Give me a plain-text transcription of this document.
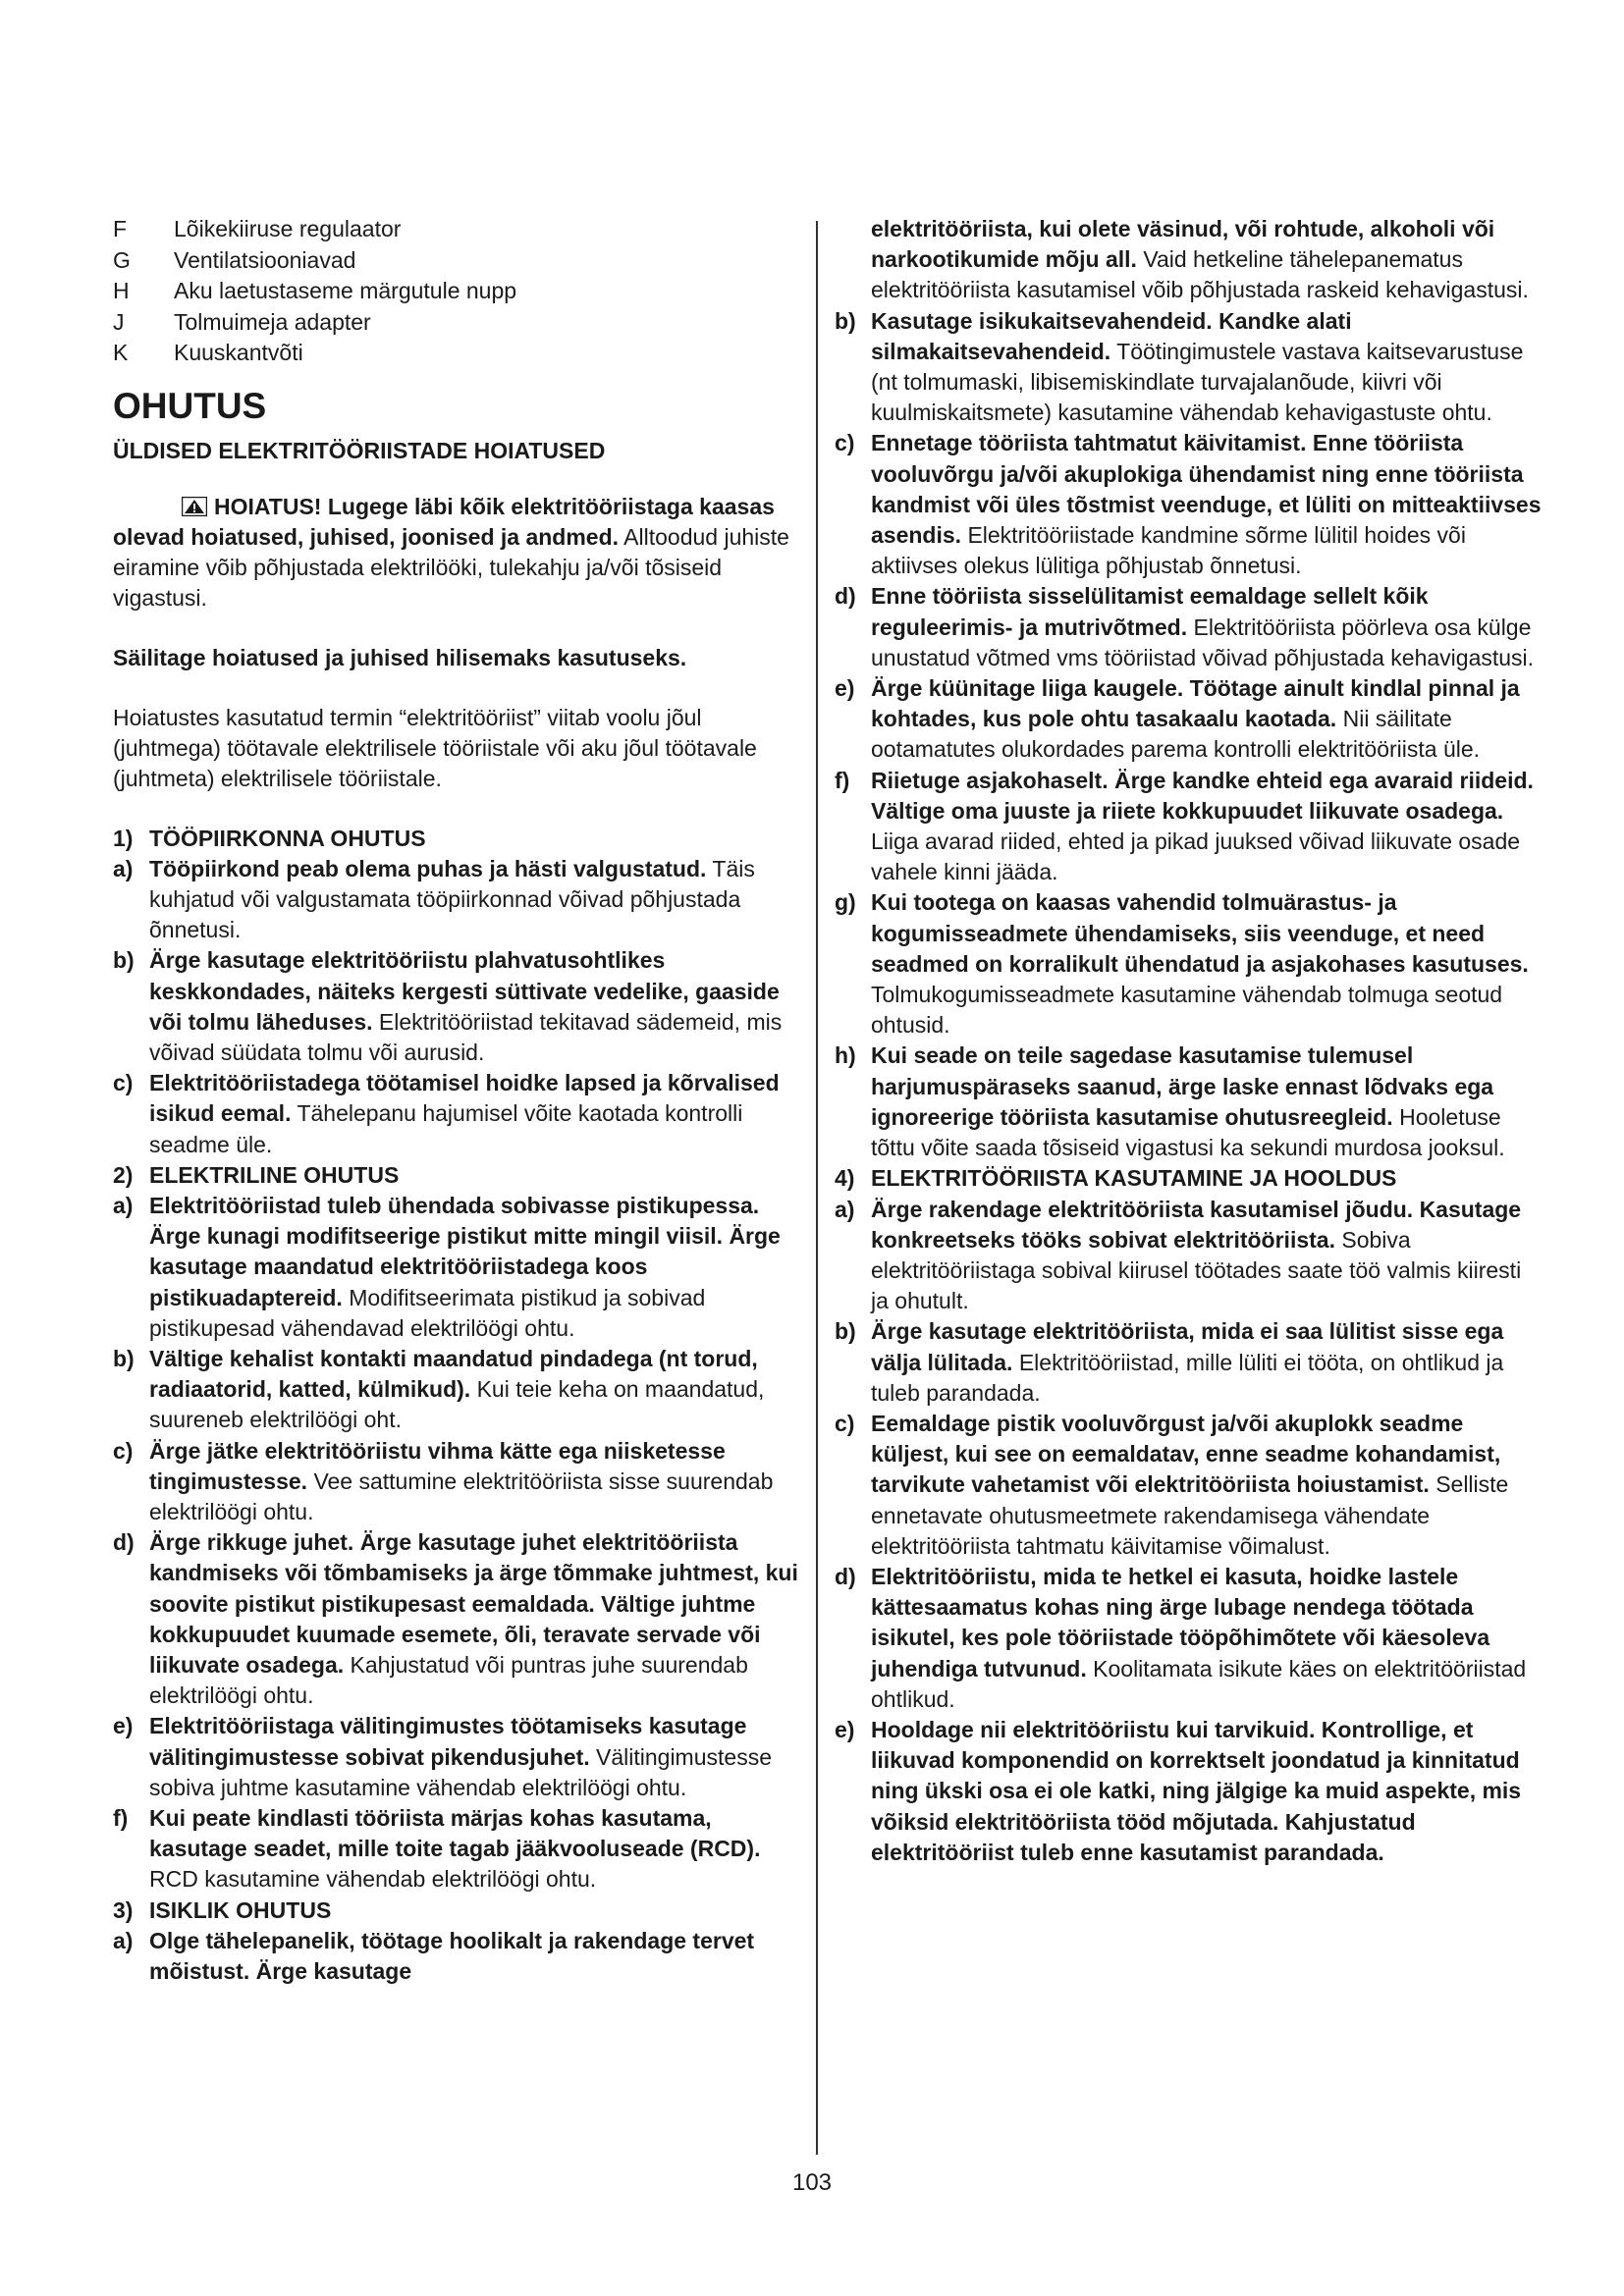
F	Lõikekiiruse regulaator
G	Ventilatsiooniavad
H	Aku laetustaseme märgutule nupp
J	Tolmuimeja adapter
K	Kuuskantvõti
OHUTUS
ÜLDISED ELEKTRITÖÖRIISTADE HOIATUSED
HOIATUS! Lugege läbi kõik elektritööriistaga kaasas olevad hoiatused, juhised, joonised ja andmed. Alltoodud juhiste eiramine võib põhjustada elektrilööki, tulekahju ja/või tõsiseid vigastusi.
Säilitage hoiatused ja juhised hilisemaks kasutuseks.
Hoiatustes kasutatud termin “elektritööriist” viitab voolu jõul (juhtmega) töötavale elektrilisele tööriistale või aku jõul töötavale (juhtmeta) elektrilisele tööriistale.
1) TÖÖPIIRKONNA OHUTUS
a) Tööpiirkond peab olema puhas ja hästi valgustatud. Täis kuhjatud või valgustamata tööpiirkonnad võivad põhjustada õnnetusi.
b) Ärge kasutage elektritööriistu plahvatusohtlikes keskkondades, näiteks kergesti süttivate vedelike, gaaside või tolmu läheduses. Elektritööriistad tekitavad sädemeid, mis võivad süüdata tolmu või aurusid.
c) Elektritööriistadega töötamisel hoidke lapsed ja kõrvalised isikud eemal. Tähelepanu hajumisel võite kaotada kontrolli seadme üle.
2) ELEKTRILINE OHUTUS
a) Elektritööriistad tuleb ühendada sobivasse pistikupessa. Ärge kunagi modifitseerige pistikut mitte mingil viisil. Ärge kasutage maandatud elektritööriistadega koos pistikuadaptereid. Modifitseerimata pistikud ja sobivad pistikupesad vähendavad elektrilöögi ohtu.
b) Vältige kehalist kontakti maandatud pindadega (nt torud, radiaatorid, katted, külmikud). Kui teie keha on maandatud, suureneb elektrilöögi oht.
c) Ärge jätke elektritööriistu vihma kätte ega niisketesse tingimustesse. Vee sattumine elektritööriista sisse suurendab elektrilöögi ohtu.
d) Ärge rikkuge juhet. Ärge kasutage juhet elektritööriista kandmiseks või tõmbamiseks ja ärge tõmmake juhtmest, kui soovite pistikut pistikupesast eemaldada. Vältige juhtme kokkupuudet kuumade esemete, õli, teravate servade või liikuvate osadega. Kahjustatud või puntras juhe suurendab elektrilöögi ohtu.
e) Elektritööriistaga välitingimustes töötamiseks kasutage välitingimustesse sobivat pikendusjuhet. Välitingimustesse sobiva juhtme kasutamine vähendab elektrilöögi ohtu.
f) Kui peate kindlasti tööriista märjas kohas kasutama, kasutage seadet, mille toite tagab jääkvooluseade (RCD). RCD kasutamine vähendab elektrilöögi ohtu.
3) ISIKLIK OHUTUS
a) Olge tähelepanelik, töötage hoolikalt ja rakendage tervet mõistust. Ärge kasutage
elektritööriista, kui olete väsinud, või rohtude, alkoholi või narkootikumide mõju all. Vaid hetkeline tähelepanematus elektritööriista kasutamisel võib põhjustada raskeid kehavigastusi.
b) Kasutage isikukaitsevahendeid. Kandke alati silmakaitsevahendeid. Töötingimustele vastava kaitsevarustuse (nt tolmumaski, libisemiskindlate turvajalanõude, kiivri või kuulmiskaitsmete) kasutamine vähendab kehavigastuste ohtu.
c) Ennetage tööriista tahtmatut käivitamist. Enne tööriista vooluvõrgu ja/või akuplokiga ühendamist ning enne tööriista kandmist või üles tõstmist veenduge, et lüliti on mitteaktiivses asendis. Elektritööriistade kandmine sõrme lülitil hoides või aktiivses olekus lülitiga põhjustab õnnetusi.
d) Enne tööriista sisselülitamist eemaldage sellelt kõik reguleerimis- ja mutrivõtmed. Elektritööriista pöörleva osa külge unustatud võtmed vms tööriistad võivad põhjustada kehavigastusi.
e) Ärge küünitage liiga kaugele. Töötage ainult kindlal pinnal ja kohtades, kus pole ohtu tasakaalu kaotada. Nii säilitate ootamatutes olukordades parema kontrolli elektritööriista üle.
f) Riietuge asjakohaselt. Ärge kandke ehteid ega avaraid riideid. Vältige oma juuste ja riiete kokkupuudet liikuvate osadega. Liiga avarad riided, ehted ja pikad juuksed võivad liikuvate osade vahele kinni jääda.
g) Kui tootega on kaasas vahendid tolmuärastus- ja kogumisseadmete ühendamiseks, siis veenduge, et need seadmed on korralikult ühendatud ja asjakohases kasutuses. Tolmukogumisseadmete kasutamine vähendab tolmuga seotud ohtusid.
h) Kui seade on teile sagedase kasutamise tulemusel harjumuspäraseks saanud, ärge laske ennast lõdvaks ega ignoreerige tööriista kasutamise ohutusreegleid. Hooletuse tõttu võite saada tõsiseid vigastusi ka sekundi murdosa jooksul.
4) ELEKTRITÖÖRIISTA KASUTAMINE JA HOOLDUS
a) Ärge rakendage elektritööriista kasutamisel jõudu. Kasutage konkreetseks tööks sobivat elektritööriista. Sobiva elektritööriistaga sobival kiirusel töötades saate töö valmis kiiresti ja ohutult.
b) Ärge kasutage elektritööriista, mida ei saa lülitist sisse ega välja lülitada. Elektritööriistad, mille lüliti ei tööta, on ohtlikud ja tuleb parandada.
c) Eemaldage pistik vooluvõrgust ja/või akuplokk seadme küljest, kui see on eemaldatav, enne seadme kohandamist, tarvikute vahetamist või elektritööriista hoiustamist. Selliste ennetavate ohutusmeetmete rakendamisega vähendate elektritööriista tahtmatu käivitamise võimalust.
d) Elektritööriistu, mida te hetkel ei kasuta, hoidke lastele kättesaamatus kohas ning ärge lubage nendega töötada isikutel, kes pole tööriistade tööpõhimõtete või käesoleva juhendiga tutvunud. Koolitamata isikute käes on elektritööriistad ohtlikud.
e) Hooldage nii elektritööriistu kui tarvikuid. Kontrollige, et liikuvad komponendid on korrektselt joondatud ja kinnitatud ning ükski osa ei ole katki, ning jälgige ka muid aspekte, mis võiksid elektritööriista tööd mõjutada. Kahjustatud elektritööriist tuleb enne kasutamist parandada.
103
